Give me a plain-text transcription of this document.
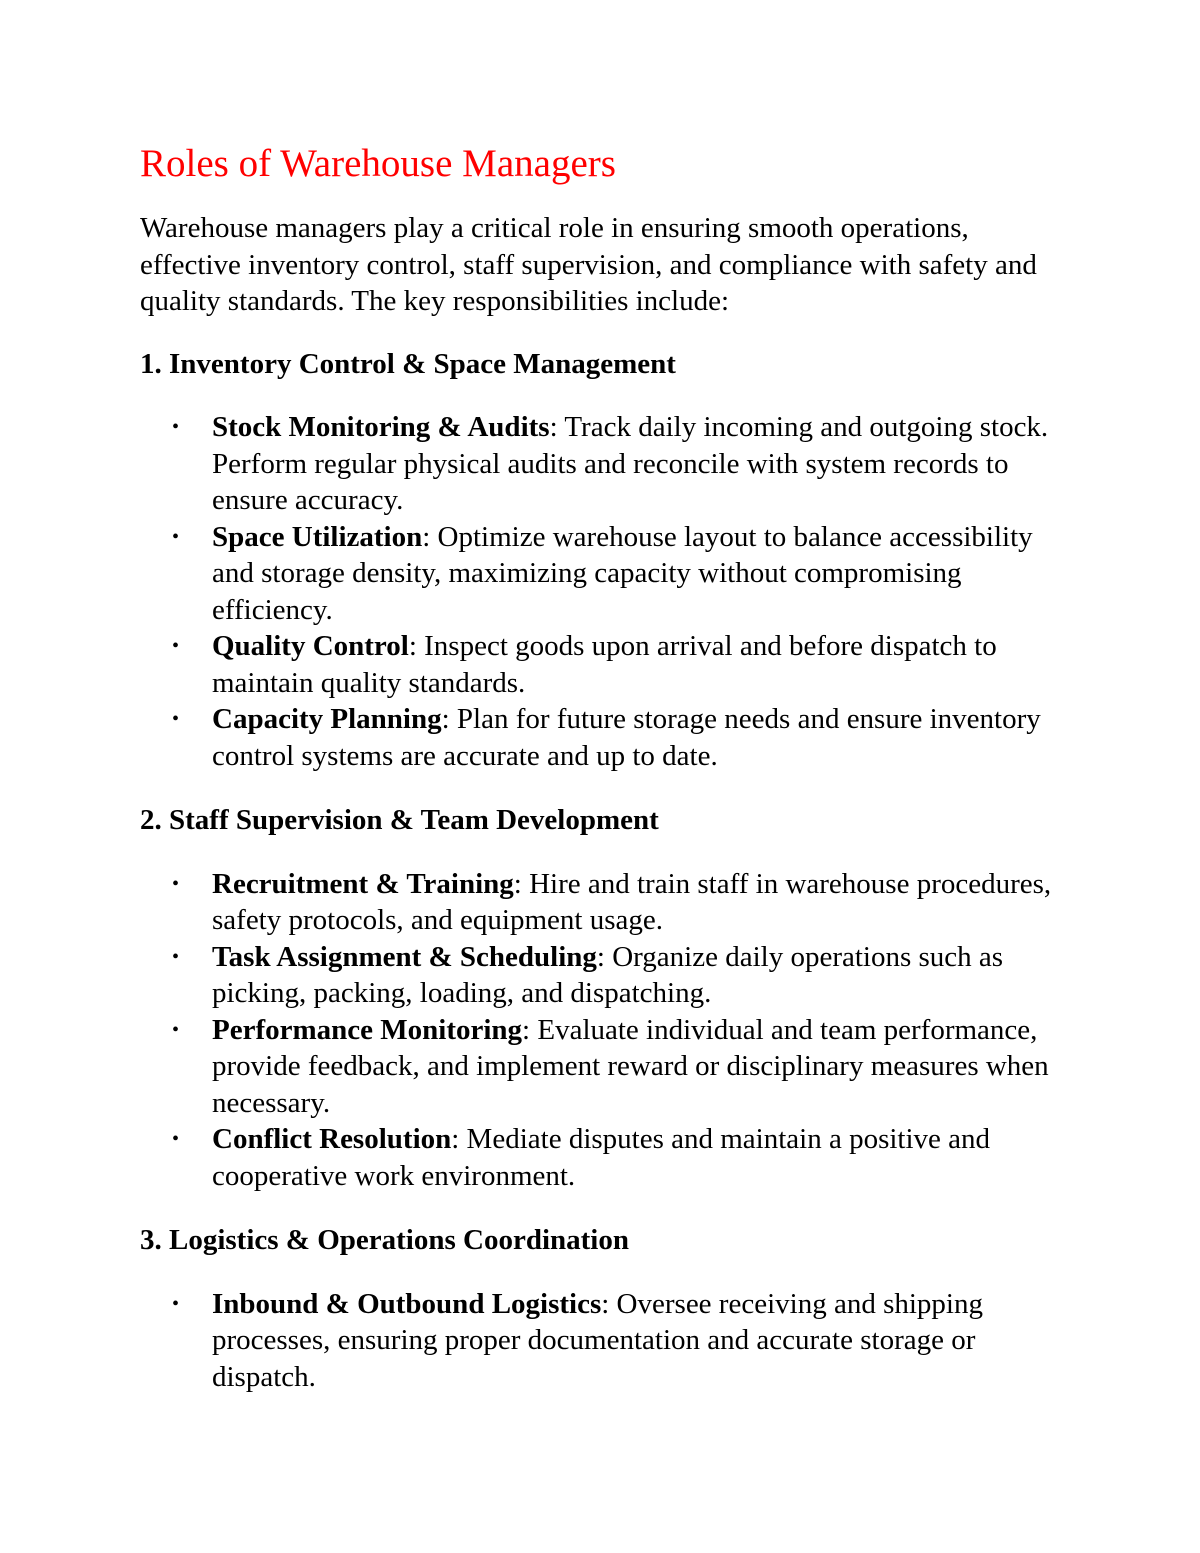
Roles of Warehouse Managers

Warehouse managers play a critical role in ensuring smooth operations, effective inventory control, staff supervision, and compliance with safety and quality standards. The key responsibilities include:

1. Inventory Control & Space Management
• Stock Monitoring & Audits: Track daily incoming and outgoing stock. Perform regular physical audits and reconcile with system records to ensure accuracy.
• Space Utilization: Optimize warehouse layout to balance accessibility and storage density, maximizing capacity without compromising efficiency.
• Quality Control: Inspect goods upon arrival and before dispatch to maintain quality standards.
• Capacity Planning: Plan for future storage needs and ensure inventory control systems are accurate and up to date.
2. Staff Supervision & Team Development
• Recruitment & Training: Hire and train staff in warehouse procedures, safety protocols, and equipment usage.
• Task Assignment & Scheduling: Organize daily operations such as picking, packing, loading, and dispatching.
• Performance Monitoring: Evaluate individual and team performance, provide feedback, and implement reward or disciplinary measures when necessary.
• Conflict Resolution: Mediate disputes and maintain a positive and cooperative work environment.
3. Logistics & Operations Coordination
• Inbound & Outbound Logistics: Oversee receiving and shipping processes, ensuring proper documentation and accurate storage or dispatch.
